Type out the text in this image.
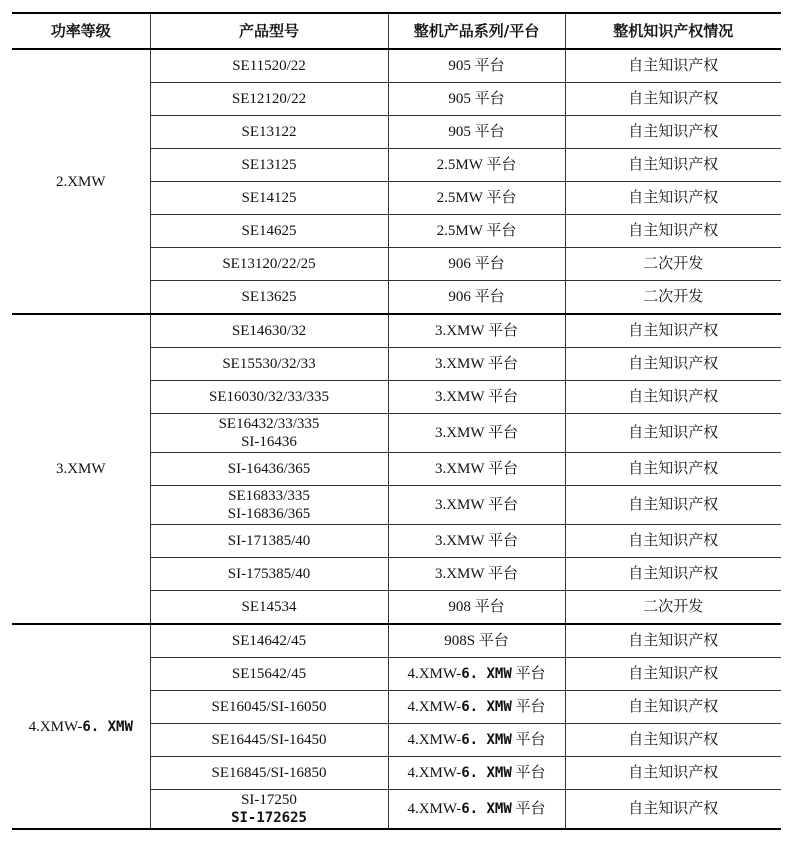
功率等级	产品型号	整机产品系列/平台	整机知识产权情况
2.XMW	SE11520/22	905 平台	自主知识产权

	SE12120/22	905 平台	自主知识产权

	SE13122	905 平台	自主知识产权

	SE13125	2.5MW 平台	自主知识产权

	SE14125	2.5MW 平台	自主知识产权

	SE14625	2.5MW 平台	自主知识产权

	SE13120/22/25	906 平台	二次开发

	SE13625	906 平台	二次开发
3.XMW	SE14630/32	3.XMW 平台	自主知识产权

	SE15530/32/33	3.XMW 平台	自主知识产权

	SE16030/32/33/335	3.XMW 平台	自主知识产权

	SE16432/33/335
SI-16436	3.XMW 平台	自主知识产权

	SI-16436/365	3.XMW 平台	自主知识产权

	SE16833/335
SI-16836/365	3.XMW 平台	自主知识产权

	SI-171385/40	3.XMW 平台	自主知识产权

	SI-175385/40	3.XMW 平台	自主知识产权

	SE14534	908 平台	二次开发
4.XMW-6. XMW	SE14642/45	908S 平台	自主知识产权

	SE15642/45	4.XMW-6. XMW 平台	自主知识产权

	SE16045/SI-16050	4.XMW-6. XMW 平台	自主知识产权

	SE16445/SI-16450	4.XMW-6. XMW 平台	自主知识产权

	SE16845/SI-16850	4.XMW-6. XMW 平台	自主知识产权

	SI-17250
SI-172625	4.XMW-6. XMW 平台	自主知识产权
